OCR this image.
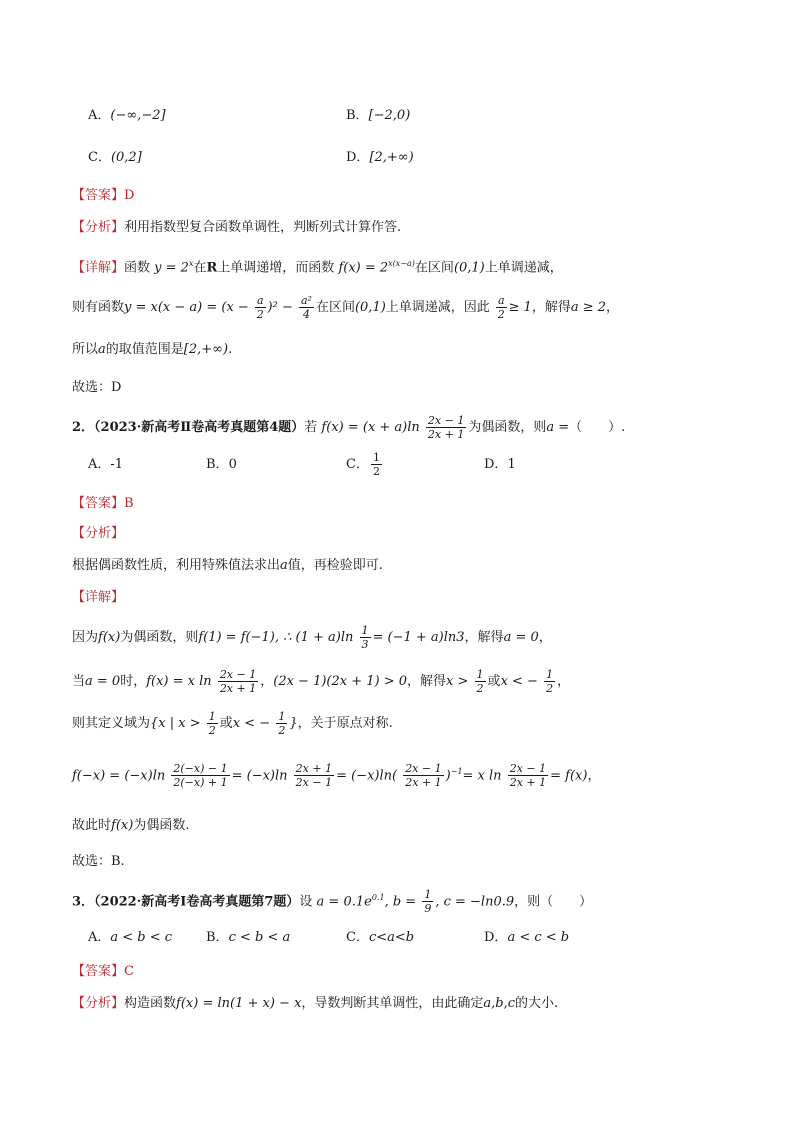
A．(−∞,−2]	B．[−2,0)
C．(0,2]	D．[2,+∞)
【答案】D
【分析】利用指数型复合函数单调性，判断列式计算作答.
【详解】函数 $y = 2^x$在R上单调递增，而函数 $f(x) = 2^{x(x-a)}$在区间(0,1)上单调递减，
则有函数$y = x(x - a) = (x - \frac{a}{2} )^2 - \frac{\text{a²}}{4}$ 在区间(0,1)上单调递减，因此 $\frac{a}{2} \ge 1$，解得a ≥ 2，
所以a的取值范围是[2,+∞).
故选：D
2．（2023·新高考Ⅱ卷高考真题第4题）若 $f(x) = (x + a)\ln \frac{2x - 1}{2x + 1}$ 为偶函数，则a =（　　）.
A．-1	B．0	C． $\frac{1}{2}$	D．1
【答案】B
【分析】
根据偶函数性质，利用特殊值法求出a值，再检验即可.
【详解】
因为f(x)为偶函数，则f(1) = f(−1), ∴ $(1 + a)\ln \frac{1}{3} = (-1 + a)\ln 3$，解得a = 0，
当a = 0时，f(x) = x $\ln \frac{2x - 1}{2x + 1}$ ，(2x − 1)(2x + 1) > 0，解得$x > \frac{1}{2}$ 或x < − $\frac{1}{2}$ ，
则其定义域为{x | $x > \frac{1}{2}$ 或x < − $\frac{1}{2}$ }，关于原点对称.
$f(-x) = (-x)\ln \frac{2(-x) - 1}{2(-x) + 1} = (-x)\ln \frac{2x + 1}{2x - 1} = (-x)\ln( \frac{2x - 1}{2x + 1} )^{-1}= x$ $\ln \frac{2x - 1}{2x + 1} = f(x)$，
故此时f(x)为偶函数.
故选：B.
3．（2022·新高考Ⅰ卷高考真题第7题）设 $a = 0.1e^{0.1}$, $b = \frac{1}{9}$ , c = −ln0.9，则（　　）
A．a < b < c	B．c < b < a	C．c<a<b	D．a < c < b
【答案】C
【分析】构造函数f(x) = ln(1 + x) − x，导数判断其单调性，由此确定a,b,c的大小.
